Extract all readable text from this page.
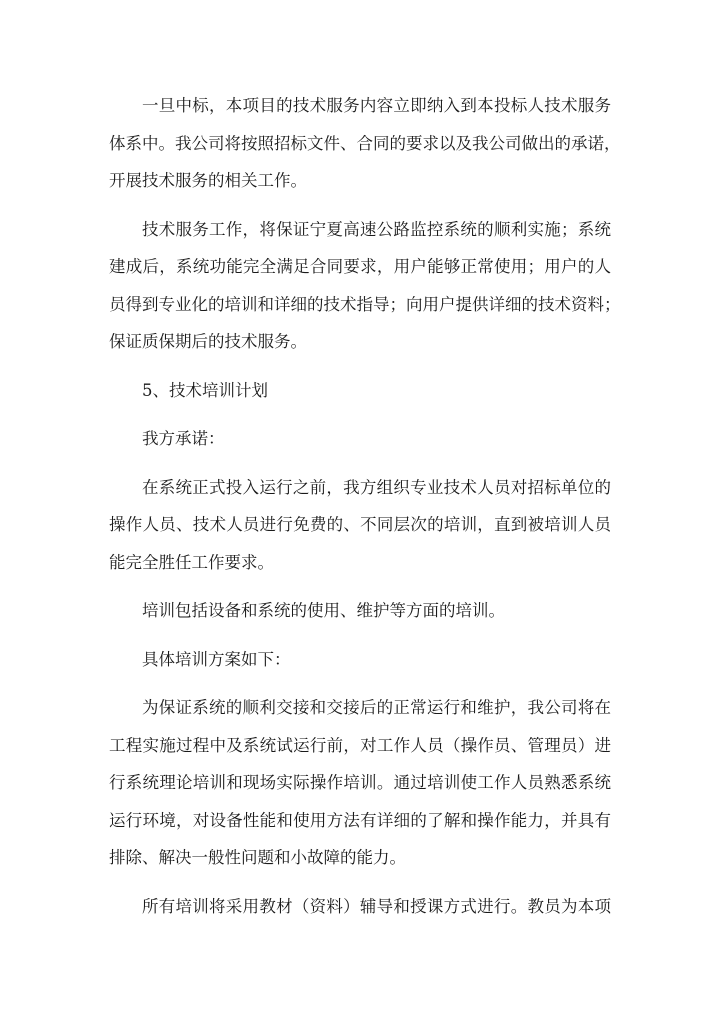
一旦中标，本项目的技术服务内容立即纳入到本投标人技术服务
体系中。我公司将按照招标文件、合同的要求以及我公司做出的承诺，
开展技术服务的相关工作。
技术服务工作，将保证宁夏高速公路监控系统的顺利实施；系统
建成后，系统功能完全满足合同要求，用户能够正常使用；用户的人
员得到专业化的培训和详细的技术指导；向用户提供详细的技术资料；
保证质保期后的技术服务。
5、技术培训计划
我方承诺：
在系统正式投入运行之前，我方组织专业技术人员对招标单位的
操作人员、技术人员进行免费的、不同层次的培训，直到被培训人员
能完全胜任工作要求。
培训包括设备和系统的使用、维护等方面的培训。
具体培训方案如下：
为保证系统的顺利交接和交接后的正常运行和维护，我公司将在
工程实施过程中及系统试运行前，对工作人员（操作员、管理员）进
行系统理论培训和现场实际操作培训。通过培训使工作人员熟悉系统
运行环境，对设备性能和使用方法有详细的了解和操作能力，并具有
排除、解决一般性问题和小故障的能力。
所有培训将采用教材（资料）辅导和授课方式进行。教员为本项
